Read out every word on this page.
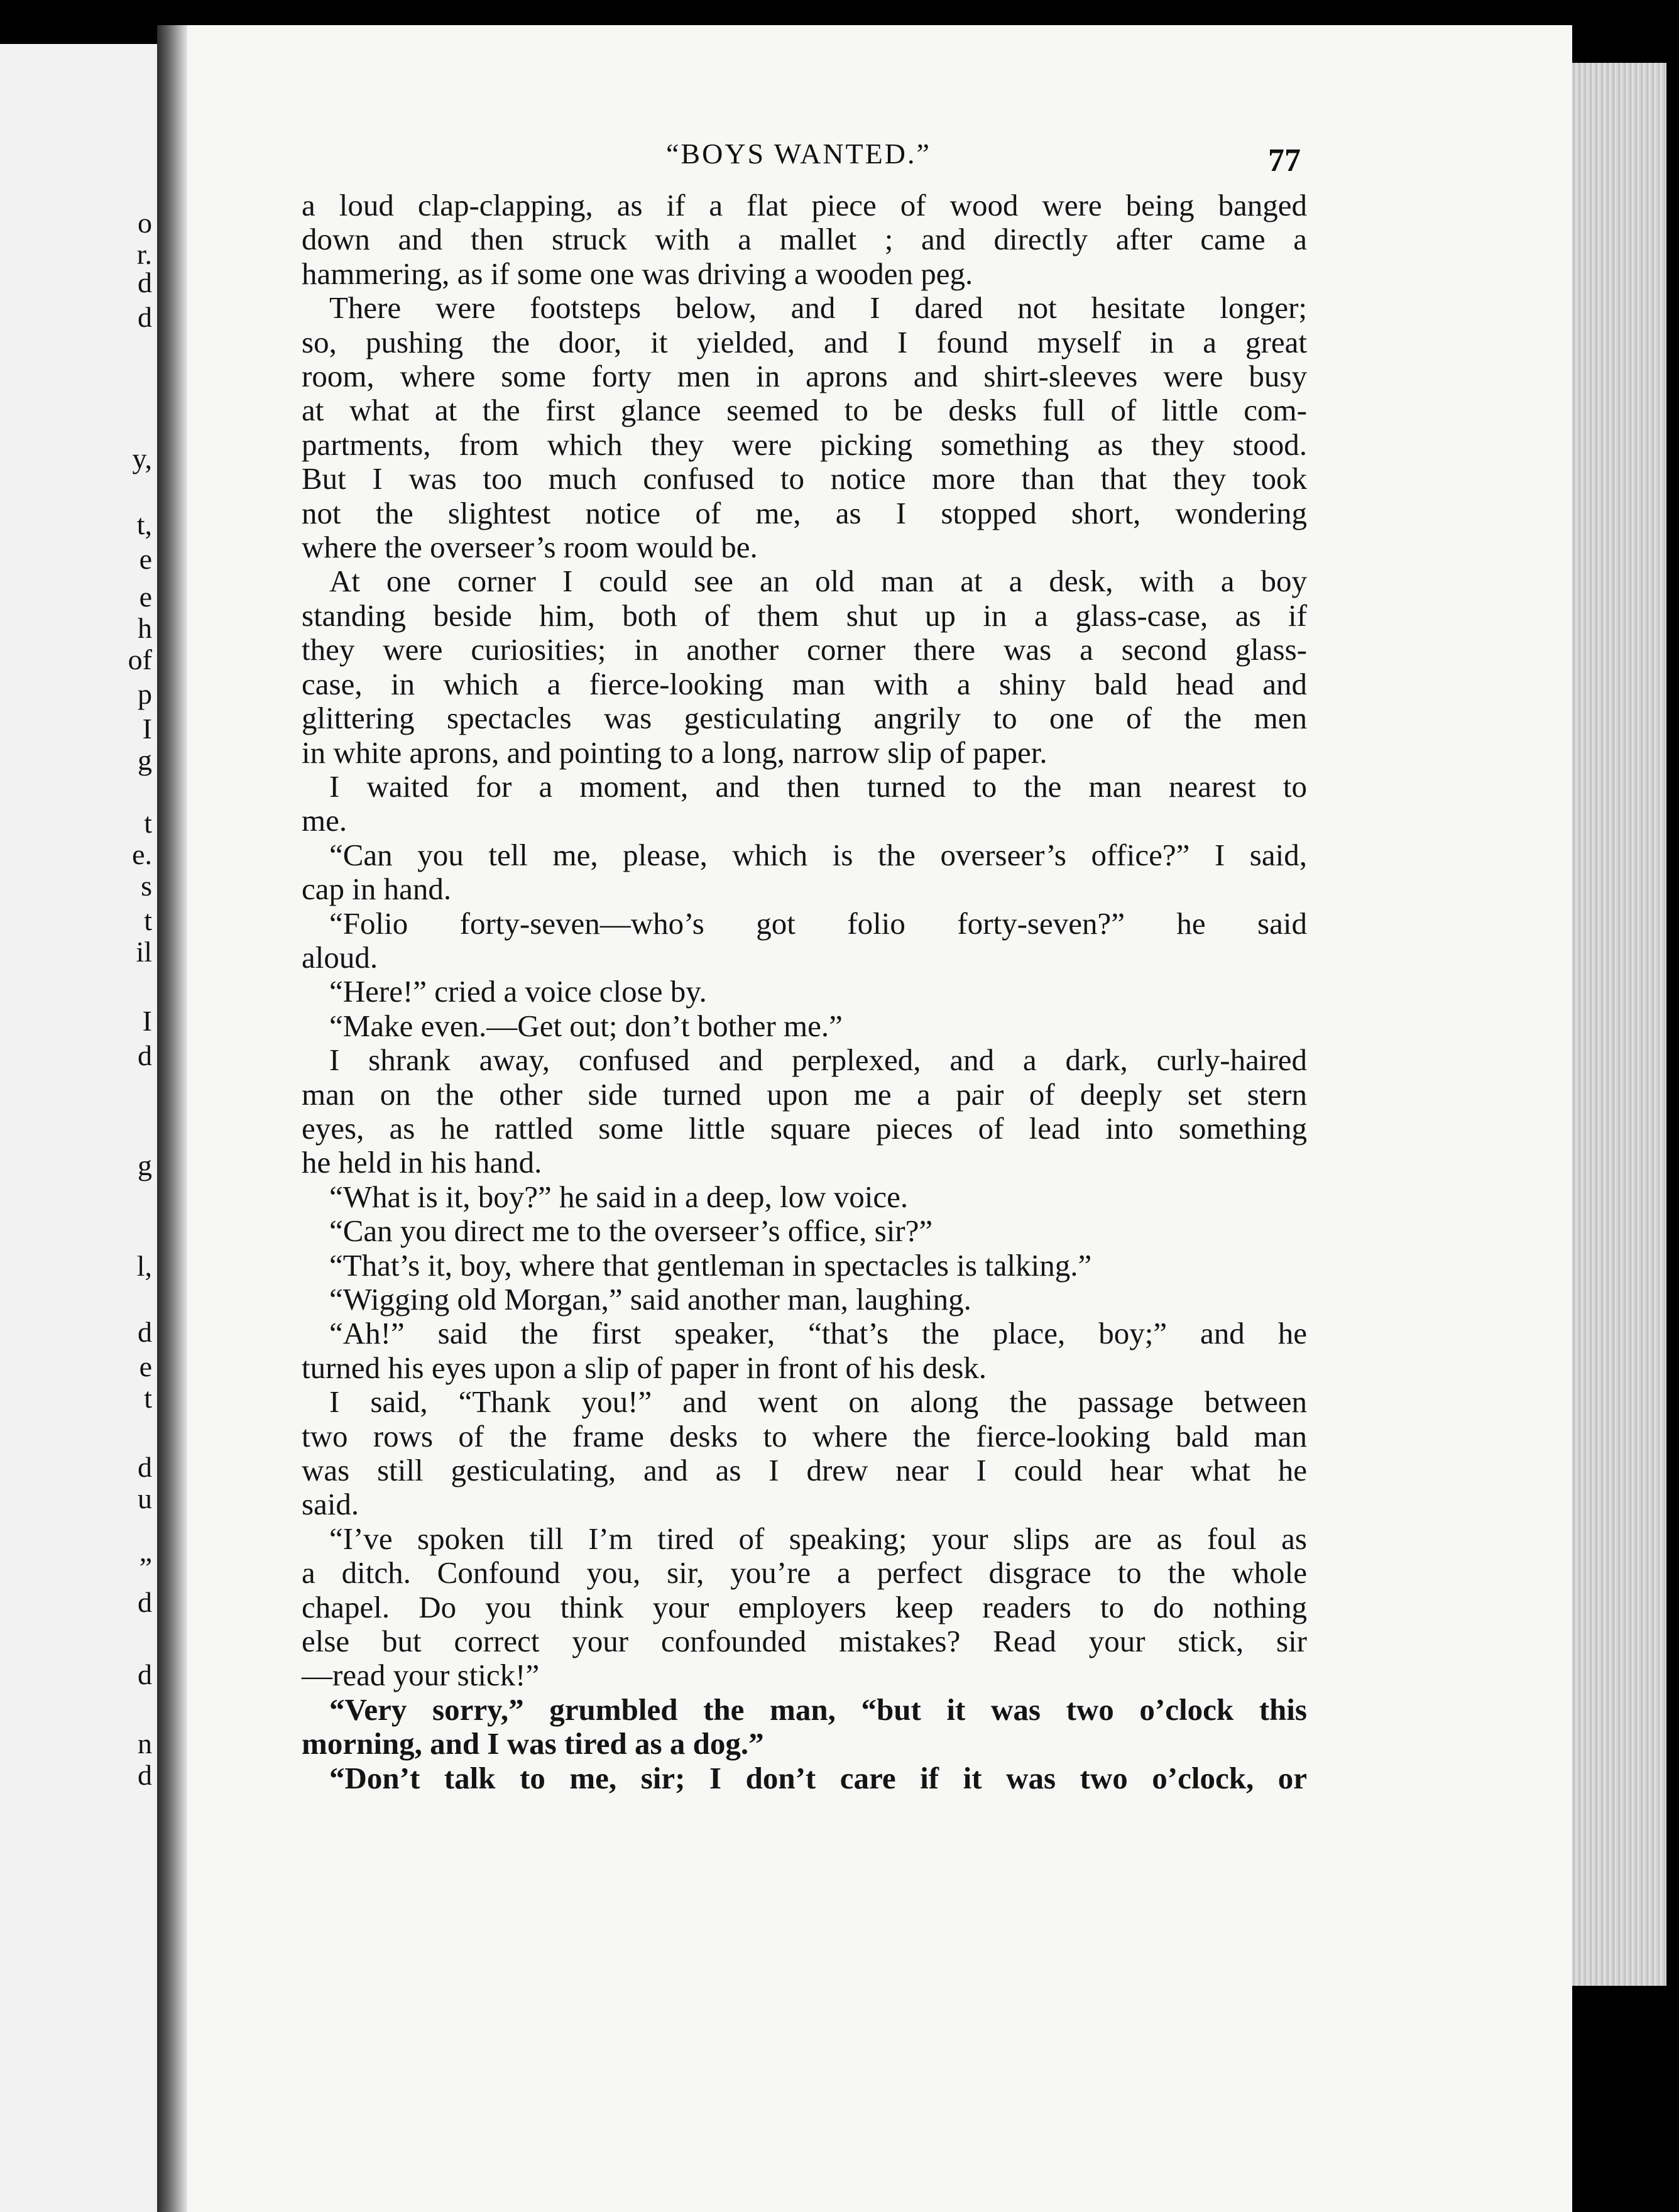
o
r.
d
d
y,
t,
e
e
h
of
p
I
g
t
e.
s
t
il
I
d
g
l,
d
e
t
d
u
”
d
d
n
d
“BOYS WANTED.”	77
a loud clap-clapping, as if a flat piece of wood were being banged
down and then struck with a mallet ; and directly after came a
hammering, as if some one was driving a wooden peg.
There were footsteps below, and I dared not hesitate longer;
so, pushing the door, it yielded, and I found myself in a great
room, where some forty men in aprons and shirt-sleeves were busy
at what at the first glance seemed to be desks full of little com-
partments, from which they were picking something as they stood.
But I was too much confused to notice more than that they took
not the slightest notice of me, as I stopped short, wondering
where the overseer’s room would be.
At one corner I could see an old man at a desk, with a boy
standing beside him, both of them shut up in a glass-case, as if
they were curiosities; in another corner there was a second glass-
case, in which a fierce-looking man with a shiny bald head and
glittering spectacles was gesticulating angrily to one of the men
in white aprons, and pointing to a long, narrow slip of paper.
I waited for a moment, and then turned to the man nearest to
me.
“Can you tell me, please, which is the overseer’s office?” I said,
cap in hand.
“Folio forty-seven—who’s got folio forty-seven?” he said
aloud.
“Here!” cried a voice close by.
“Make even.—Get out; don’t bother me.”
I shrank away, confused and perplexed, and a dark, curly-haired
man on the other side turned upon me a pair of deeply set stern
eyes, as he rattled some little square pieces of lead into something
he held in his hand.
“What is it, boy?” he said in a deep, low voice.
“Can you direct me to the overseer’s office, sir?”
“That’s it, boy, where that gentleman in spectacles is talking.”
“Wigging old Morgan,” said another man, laughing.
“Ah!” said the first speaker, “that’s the place, boy;” and he
turned his eyes upon a slip of paper in front of his desk.
I said, “Thank you!” and went on along the passage between
two rows of the frame desks to where the fierce-looking bald man
was still gesticulating, and as I drew near I could hear what he
said.
“I’ve spoken till I’m tired of speaking; your slips are as foul as
a ditch. Confound you, sir, you’re a perfect disgrace to the whole
chapel. Do you think your employers keep readers to do nothing
else but correct your confounded mistakes? Read your stick, sir
—read your stick!”
“Very sorry,” grumbled the man, “but it was two o’clock this
morning, and I was tired as a dog.”
“Don’t talk to me, sir; I don’t care if it was two o’clock, or
